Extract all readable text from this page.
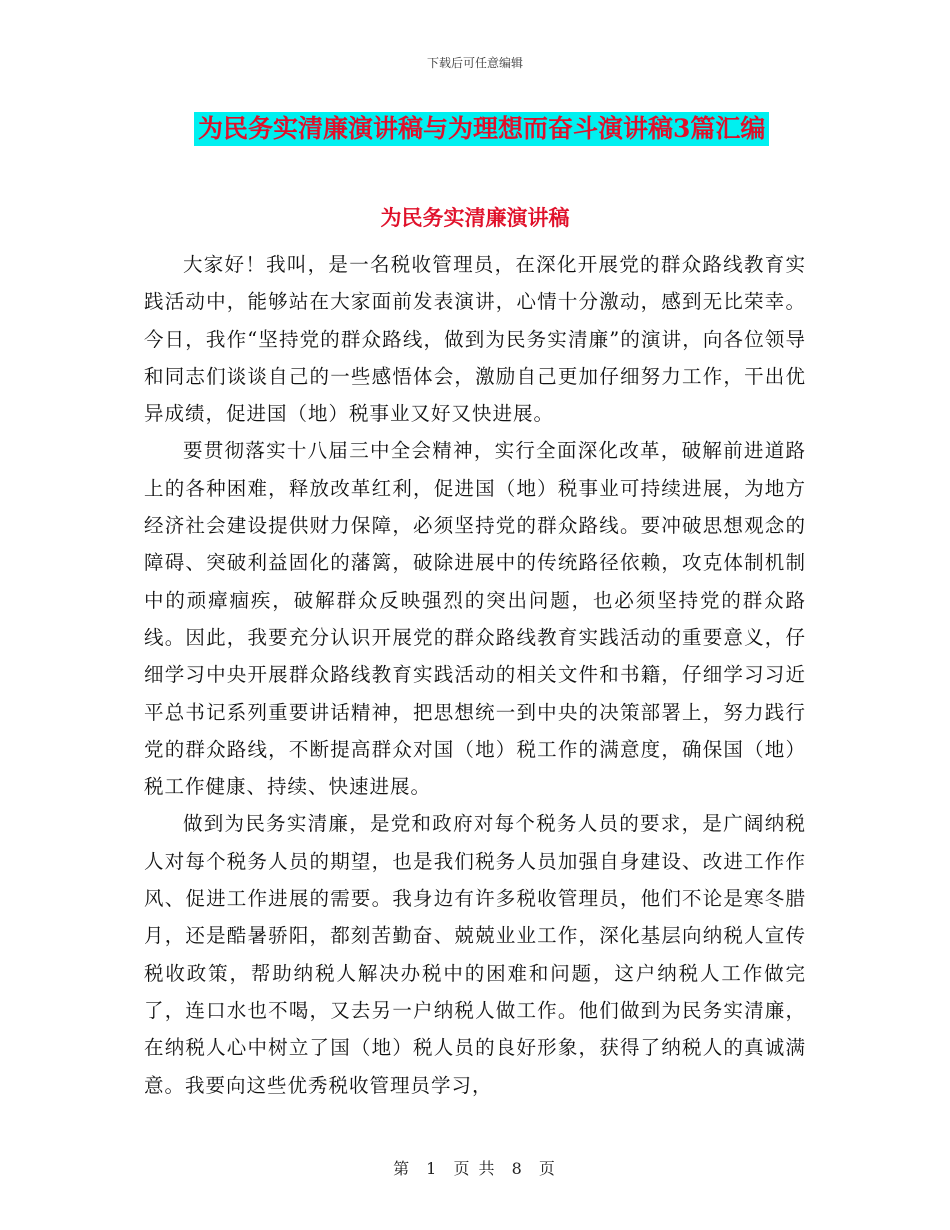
下载后可任意编辑
为民务实清廉演讲稿与为理想而奋斗演讲稿3篇汇编
为民务实清廉演讲稿

大家好！我叫，是一名税收管理员，在深化开展党的群众路线教育实践活动中，能够站在大家面前发表演讲，心情十分激动，感到无比荣幸。今日，我作“坚持党的群众路线，做到为民务实清廉”的演讲，向各位领导和同志们谈谈自己的一些感悟体会，激励自己更加仔细努力工作，干出优异成绩，促进国（地）税事业又好又快进展。

要贯彻落实十八届三中全会精神，实行全面深化改革，破解前进道路上的各种困难，释放改革红利，促进国（地）税事业可持续进展，为地方经济社会建设提供财力保障，必须坚持党的群众路线。要冲破思想观念的障碍、突破利益固化的藩篱，破除进展中的传统路径依赖，攻克体制机制中的顽瘴痼疾，破解群众反映强烈的突出问题，也必须坚持党的群众路线。因此，我要充分认识开展党的群众路线教育实践活动的重要意义，仔细学习中央开展群众路线教育实践活动的相关文件和书籍，仔细学习习近平总书记系列重要讲话精神，把思想统一到中央的决策部署上，努力践行党的群众路线，不断提高群众对国（地）税工作的满意度，确保国（地）税工作健康、持续、快速进展。

做到为民务实清廉，是党和政府对每个税务人员的要求，是广阔纳税人对每个税务人员的期望，也是我们税务人员加强自身建设、改进工作作风、促进工作进展的需要。我身边有许多税收管理员，他们不论是寒冬腊月，还是酷暑骄阳，都刻苦勤奋、兢兢业业工作，深化基层向纳税人宣传税收政策，帮助纳税人解决办税中的困难和问题，这户纳税人工作做完了，连口水也不喝，又去另一户纳税人做工作。他们做到为民务实清廉，在纳税人心中树立了国（地）税人员的良好形象，获得了纳税人的真诚满意。我要向这些优秀税收管理员学习，

第 1 页 共 8 页
